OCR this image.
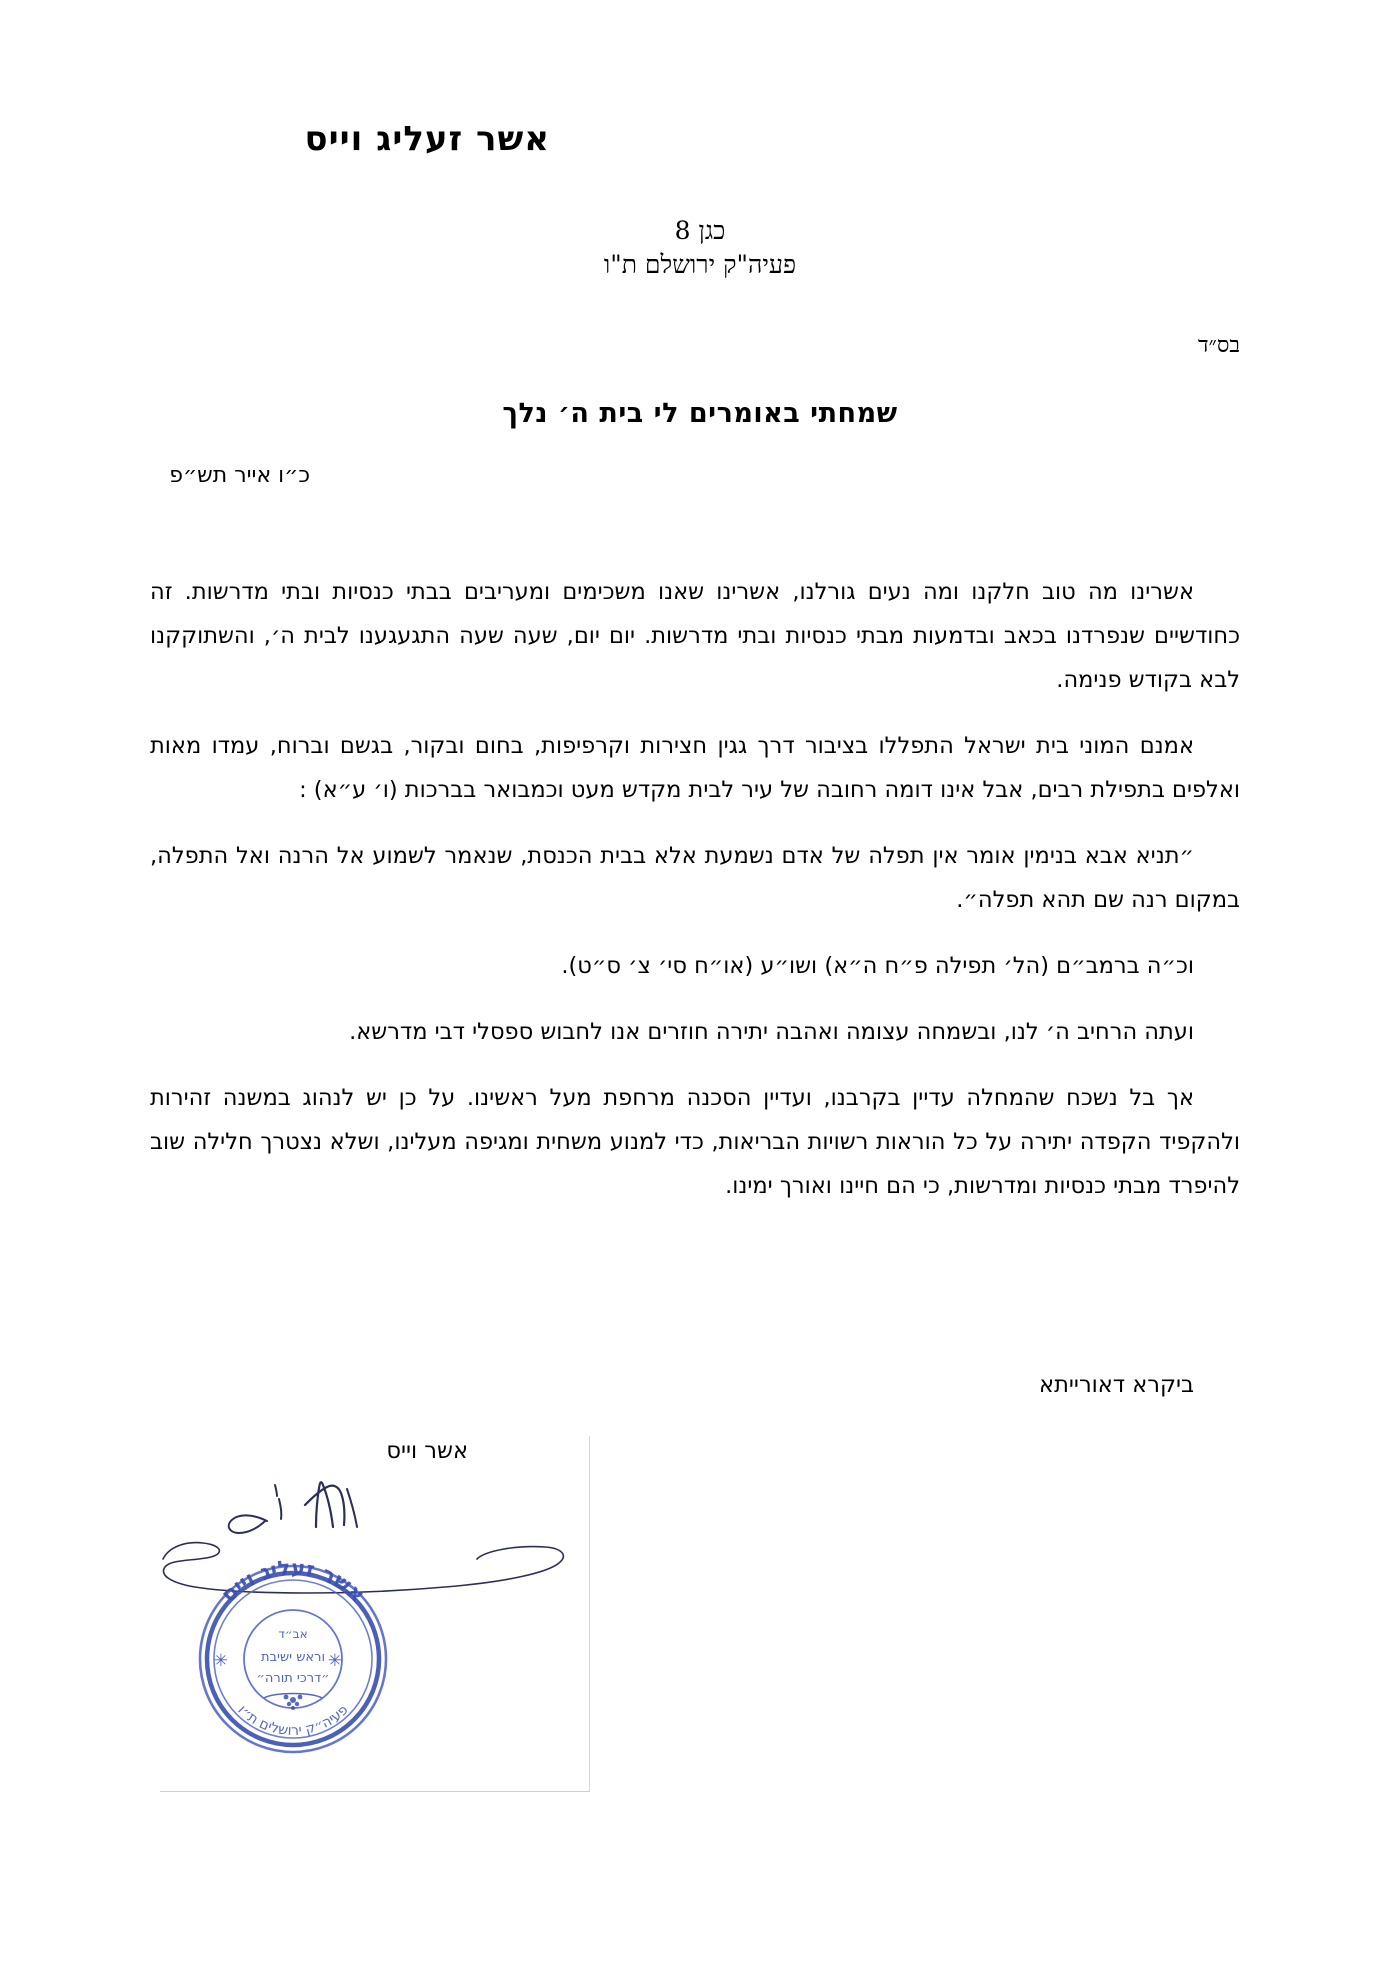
אשר זעליג וייס
כגן 8
פעיה"ק ירושלם ת"ו
בס״ד
שמחתי באומרים לי בית ה׳ נלך
כ״ו אייר תש״פ

אשרינו מה טוב חלקנו ומה נעים גורלנו, אשרינו שאנו משכימים ומעריבים בבתי כנסיות ובתי מדרשות. זה כחודשיים שנפרדנו בכאב ובדמעות מבתי כנסיות ובתי מדרשות. יום יום, שעה שעה התגעגענו לבית ה׳, והשתוקקנו לבא בקודש פנימה.

אמנם המוני בית ישראל התפללו בציבור דרך גגין חצירות וקרפיפות, בחום ובקור, בגשם וברוח, עמדו מאות ואלפים בתפילת רבים, אבל אינו דומה רחובה של עיר לבית מקדש מעט וכמבואר בברכות (ו׳ ע״א) :

״תניא אבא בנימין אומר אין תפלה של אדם נשמעת אלא בבית הכנסת, שנאמר לשמוע אל הרנה ואל התפלה, במקום רנה שם תהא תפלה״.

וכ״ה ברמב״ם (הל׳ תפילה פ״ח ה״א) ושו״ע (או״ח סי׳ צ׳ ס״ט).

ועתה הרחיב ה׳ לנו, ובשמחה עצומה ואהבה יתירה חוזרים אנו לחבוש ספסלי דבי מדרשא.

אך בל נשכח שהמחלה עדיין בקרבנו, ועדיין הסכנה מרחפת מעל ראשינו. על כן יש לנהוג במשנה זהירות ולהקפיד הקפדה יתירה על כל הוראות רשויות הבריאות, כדי למנוע משחית ומגיפה מעלינו, ושלא נצטרך חלילה שוב להיפרד מבתי כנסיות ומדרשות, כי הם חיינו ואורך ימינו.

ביקרא דאורייתא
אשר וייס
אשר זעליג וייס
פעיה״ק ירושלים ת״ו
✳	✳
אב״ד
וראש ישיבת
״דרכי תורה״
